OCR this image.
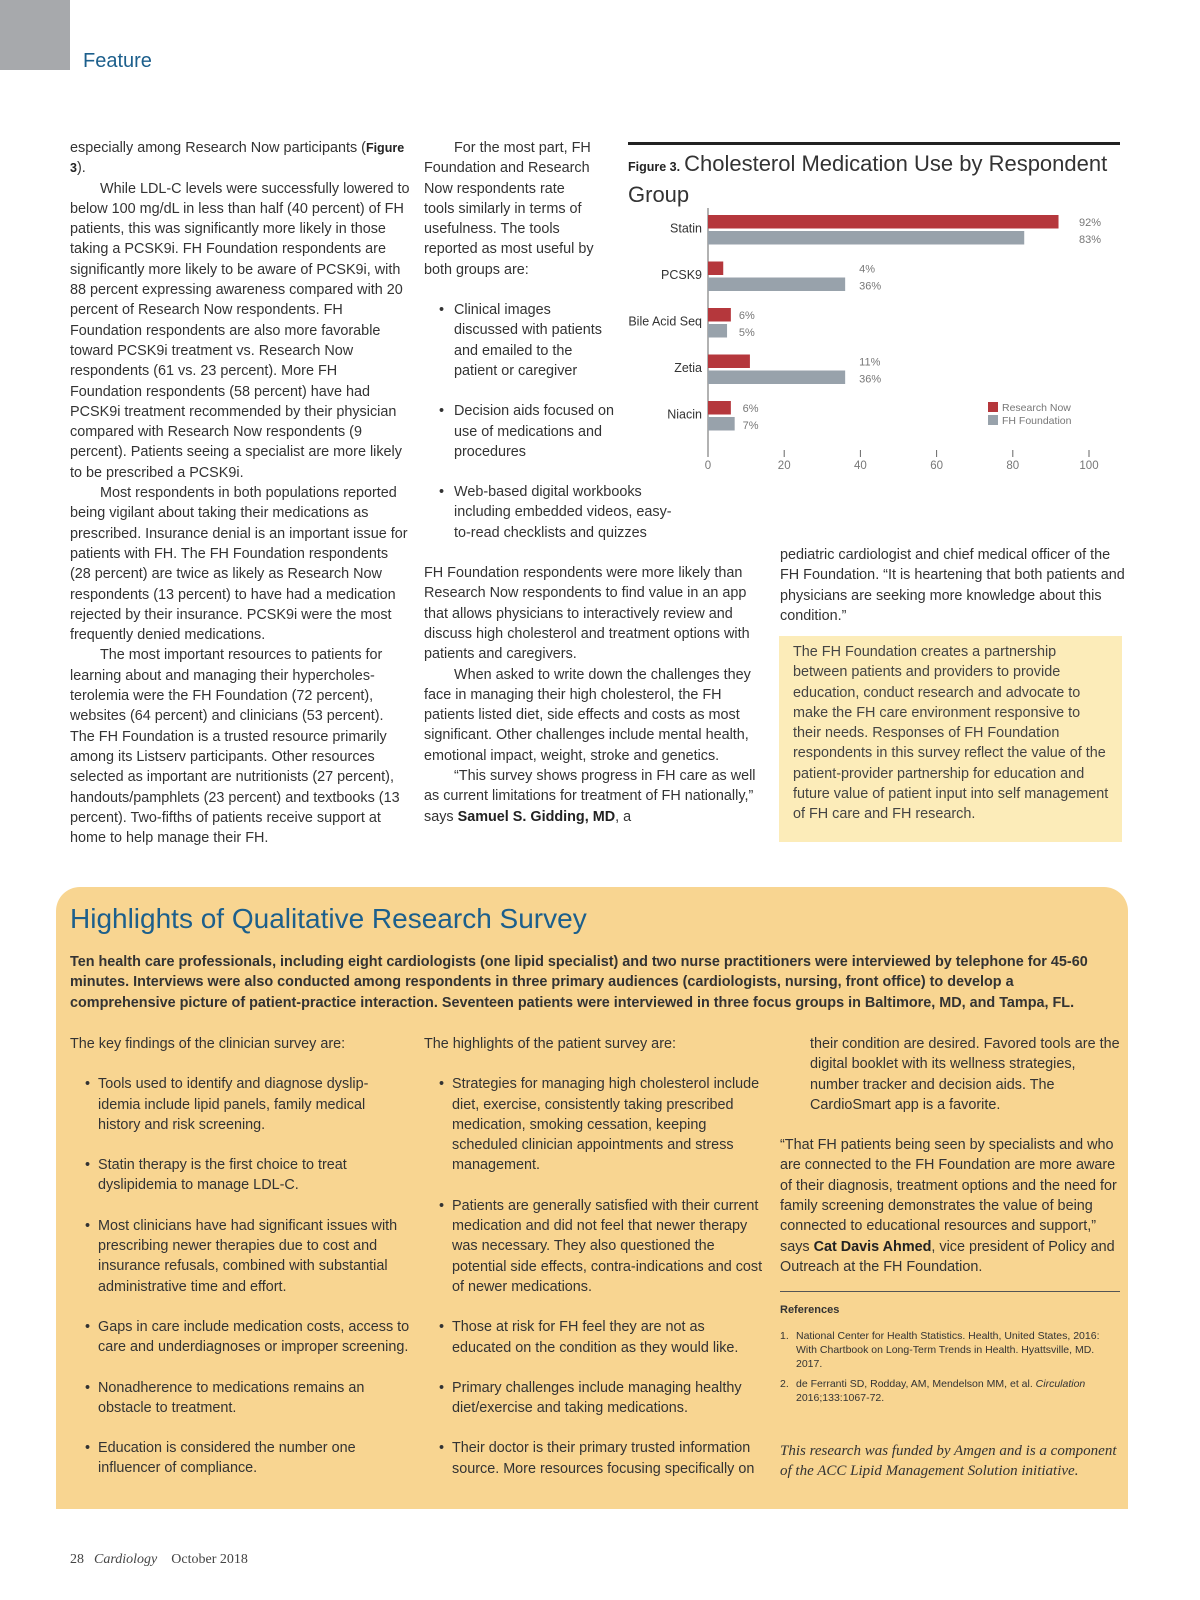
Feature

especially among Research Now participants (Figure 3).

While LDL-C levels were successfully lowered to below 100 mg/dL in less than half (40 percent) of FH patients, this was significantly more likely in those taking a PCSK9i. FH Foundation respondents are significantly more likely to be aware of PCSK9i, with 88 percent expressing awareness compared with 20 percent of Research Now respondents. FH Foundation respondents are also more favorable toward PCSK9i treatment vs. Research Now respondents (61 vs. 23 percent). More FH Foundation respondents (58 percent) have had PCSK9i treatment recommended by their physician compared with Research Now respondents (9 percent). Patients seeing a specialist are more likely to be prescribed a PCSK9i.

Most respondents in both populations reported being vigilant about taking their medications as prescribed. Insurance denial is an important issue for patients with FH. The FH Foundation respondents (28 percent) are twice as likely as Research Now respondents (13 percent) to have had a medication rejected by their insurance. PCSK9i were the most frequently denied medications.

The most important resources to patients for learning about and managing their hypercholes-terolemia were the FH Foundation (72 percent), websites (64 percent) and clinicians (53 percent). The FH Foundation is a trusted resource primarily among its Listserv participants. Other resources selected as important are nutritionists (27 percent), handouts/pamphlets (23 percent) and textbooks (13 percent). Two-fifths of patients receive support at home to help manage their FH.

For the most part, FH Foundation and Research Now respondents rate tools similarly in terms of usefulness. The tools reported as most useful by both groups are:

• Clinical images discussed with patients and emailed to the patient or caregiver
• Decision aids focused on use of medications and procedures
• Web-based digital workbooks including embedded videos, easy-to-read checklists and quizzes

FH Foundation respondents were more likely than Research Now respondents to find value in an app that allows physicians to interactively review and discuss high cholesterol and treatment options with patients and caregivers.

When asked to write down the challenges they face in managing their high cholesterol, the FH patients listed diet, side effects and costs as most significant. Other challenges include mental health, emotional impact, weight, stroke and genetics.

“This survey shows progress in FH care as well as current limitations for treatment of FH nationally,” says Samuel S. Gidding, MD, a

Figure 3. Cholesterol Medication Use by Respondent Group
Statin	92%
83%
PCSK9	4%
36%
Bile Acid Seq	6%
5%
Zetia	11%
36%
Niacin	6%
7%
0	20	40	60	80	100
Research Now
FH Foundation

pediatric cardiologist and chief medical officer of the FH Foundation. “It is heartening that both patients and physicians are seeking more knowledge about this condition.”

The FH Foundation creates a partnership between patients and providers to provide education, conduct research and advocate to make the FH care environment responsive to their needs. Responses of FH Foundation respondents in this survey reflect the value of the patient-provider partnership for education and future value of patient input into self management of FH care and FH research.

Highlights of Qualitative Research Survey

Ten health care professionals, including eight cardiologists (one lipid specialist) and two nurse practitioners were interviewed by telephone for 45-60 minutes. Interviews were also conducted among respondents in three primary audiences (cardiologists, nursing, front office) to develop a comprehensive picture of patient-practice interaction. Seventeen patients were interviewed in three focus groups in Baltimore, MD, and Tampa, FL.

The key findings of the clinician survey are:

• Tools used to identify and diagnose dyslip-idemia include lipid panels, family medical history and risk screening.
• Statin therapy is the first choice to treat dyslipidemia to manage LDL-C.
• Most clinicians have had significant issues with prescribing newer therapies due to cost and insurance refusals, combined with substantial administrative time and effort.
• Gaps in care include medication costs, access to care and underdiagnoses or improper screening.
• Nonadherence to medications remains an obstacle to treatment.
• Education is considered the number one influencer of compliance.

The highlights of the patient survey are:

• Strategies for managing high cholesterol include diet, exercise, consistently taking prescribed medication, smoking cessation, keeping scheduled clinician appointments and stress management.
• Patients are generally satisfied with their current medication and did not feel that newer therapy was necessary. They also questioned the potential side effects, contra-indications and cost of newer medications.
• Those at risk for FH feel they are not as educated on the condition as they would like.
• Primary challenges include managing healthy diet/exercise and taking medications.
• Their doctor is their primary trusted information source. More resources focusing specifically on

their condition are desired. Favored tools are the digital booklet with its wellness strategies, number tracker and decision aids. The CardioSmart app is a favorite.

“That FH patients being seen by specialists and who are connected to the FH Foundation are more aware of their diagnosis, treatment options and the need for family screening demonstrates the value of being connected to educational resources and support,” says Cat Davis Ahmed, vice president of Policy and Outreach at the FH Foundation.

References
1. National Center for Health Statistics. Health, United States, 2016: With Chartbook on Long-Term Trends in Health. Hyattsville, MD. 2017.
2. de Ferranti SD, Rodday, AM, Mendelson MM, et al. Circulation 2016;133:1067-72.

This research was funded by Amgen and is a component of the ACC Lipid Management Solution initiative.

28 Cardiology October 2018
